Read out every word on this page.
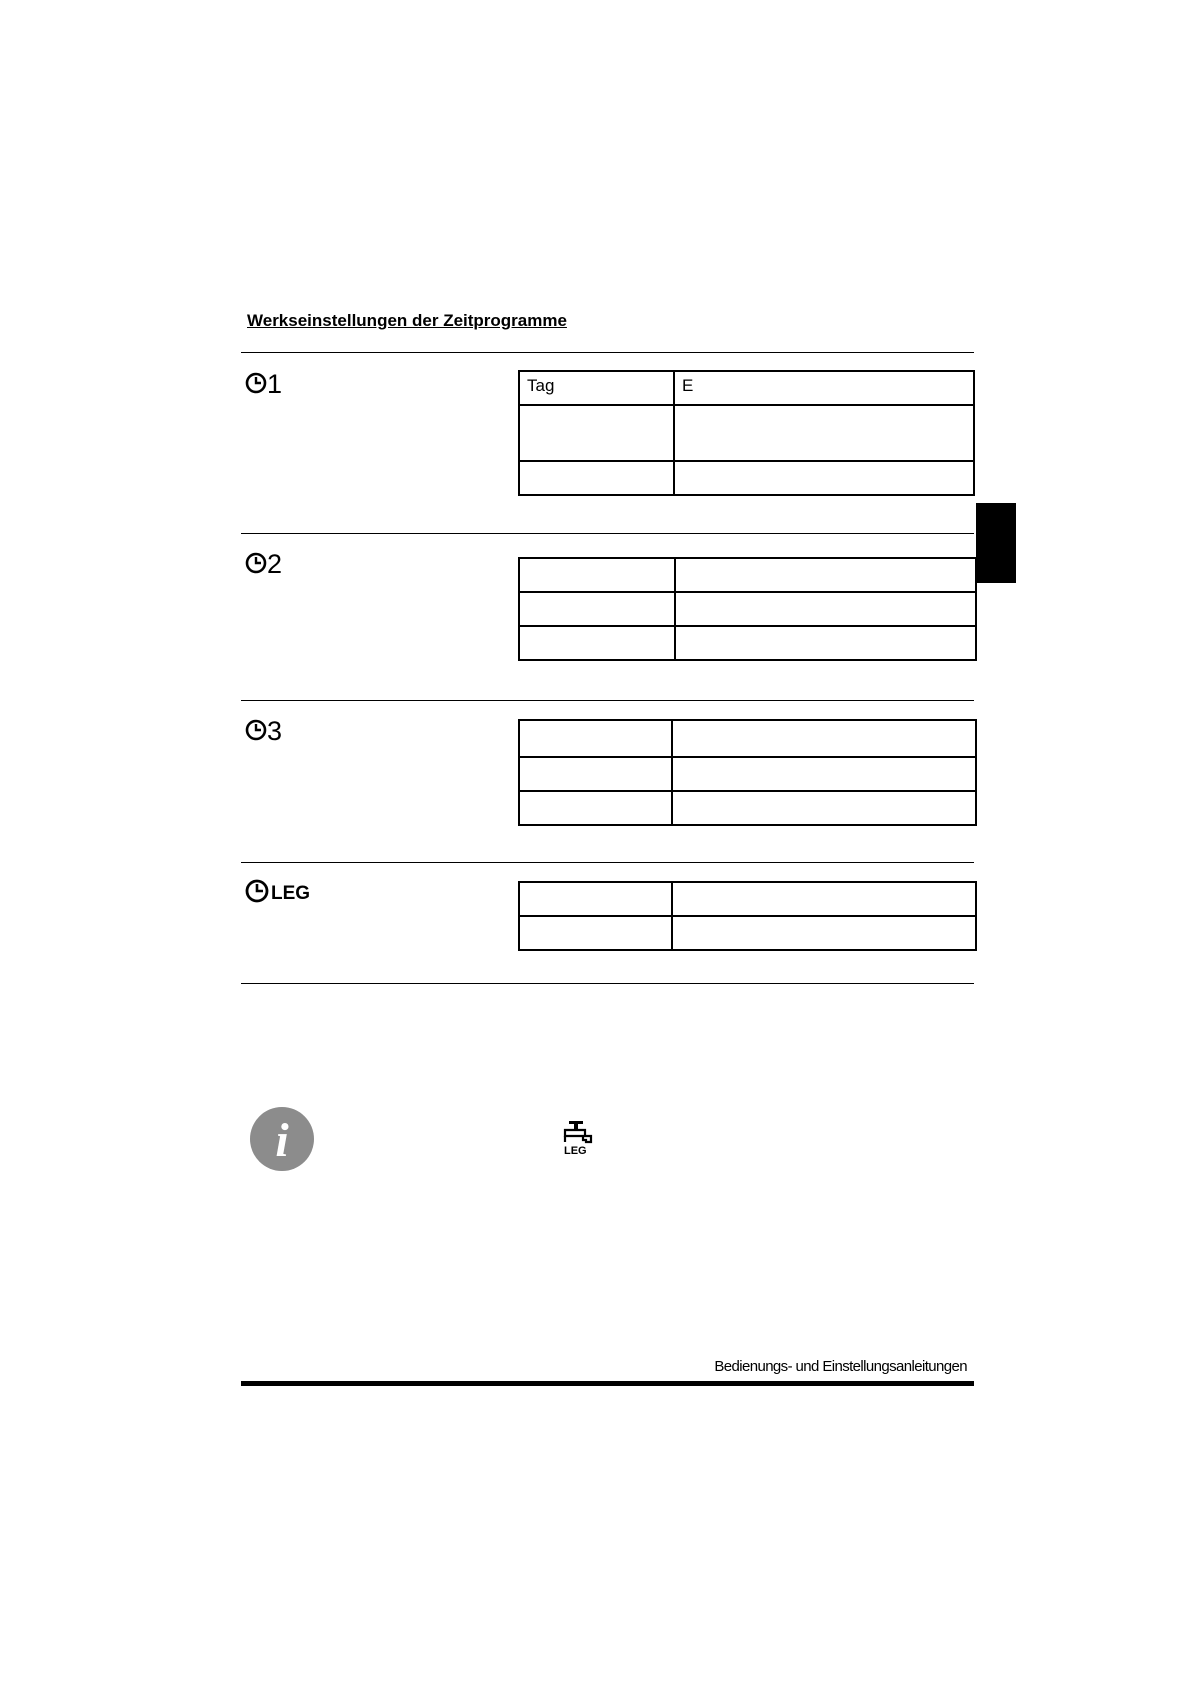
Werkseinstellungen der Zeitprogramme
1	Tag	E

2

3

LEG

i	LEG
Bedienungs- und Einstellungsanleitungen
